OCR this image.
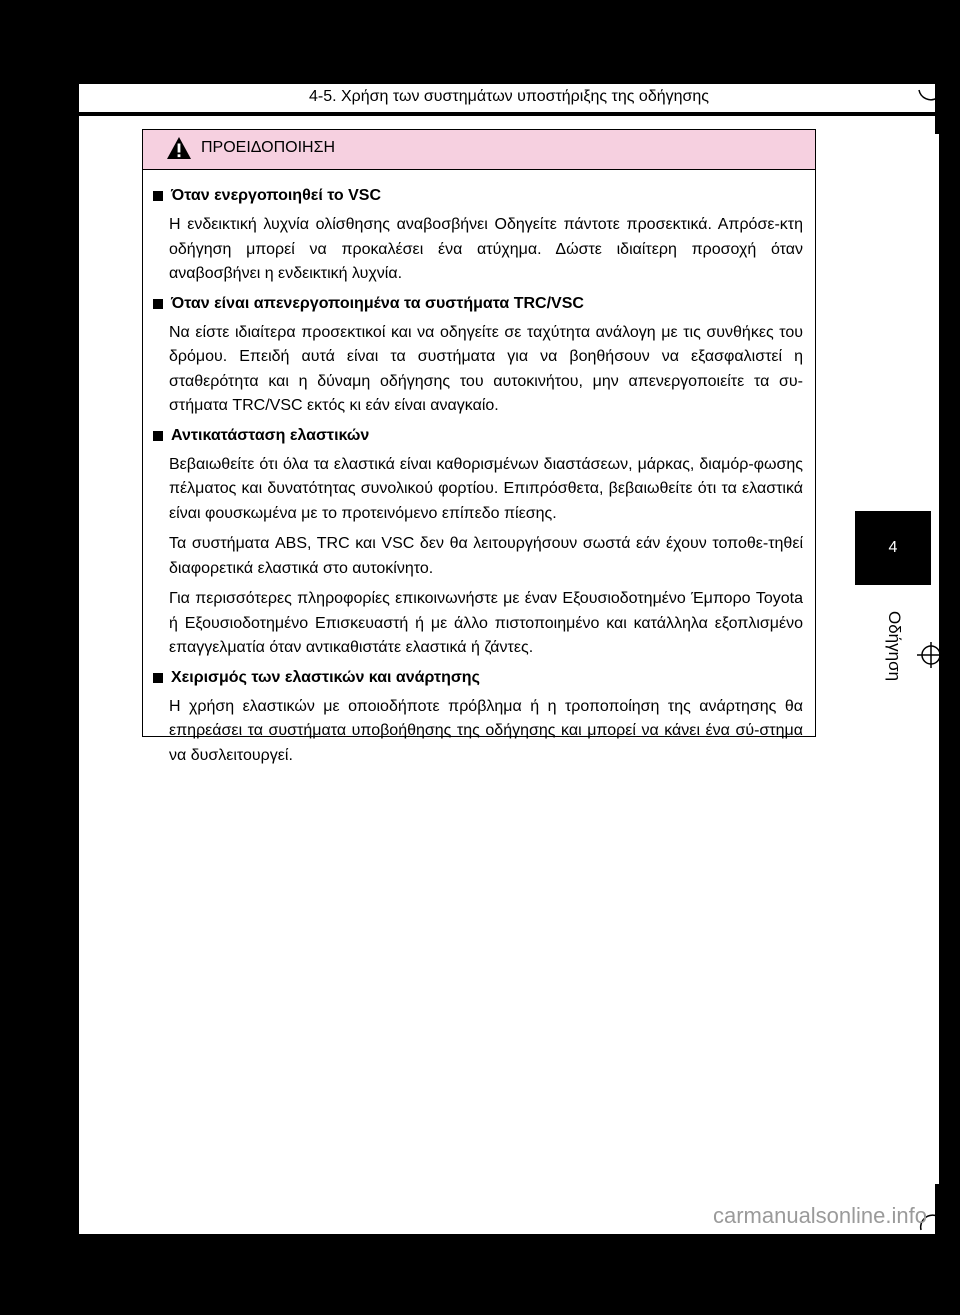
4-5. Χρήση των συστημάτων υποστήριξης της οδήγησης
4
Οδήγηση
ΠΡΟΕΙΔΟΠΟΙΗΣΗ
Όταν ενεργοποιηθεί το VSC

Η ενδεικτική λυχνία ολίσθησης αναβοσβήνει Οδηγείτε πάντοτε προσεκτικά. Απρόσε-κτη οδήγηση μπορεί να προκαλέσει ένα ατύχημα. Δώστε ιδιαίτερη προσοχή όταν αναβοσβήνει η ενδεικτική λυχνία.

Όταν είναι απενεργοποιημένα τα συστήματα TRC/VSC

Να είστε ιδιαίτερα προσεκτικοί και να οδηγείτε σε ταχύτητα ανάλογη με τις συνθήκες του δρόμου. Επειδή αυτά είναι τα συστήματα για να βοηθήσουν να εξασφαλιστεί η σταθερότητα και η δύναμη οδήγησης του αυτοκινήτου, μην απενεργοποιείτε τα συ-στήματα TRC/VSC εκτός κι εάν είναι αναγκαίο.

Αντικατάσταση ελαστικών

Βεβαιωθείτε ότι όλα τα ελαστικά είναι καθορισμένων διαστάσεων, μάρκας, διαμόρ-φωσης πέλματος και δυνατότητας συνολικού φορτίου. Επιπρόσθετα, βεβαιωθείτε ότι τα ελαστικά είναι φουσκωμένα με το προτεινόμενο επίπεδο πίεσης.

Τα συστήματα ABS, TRC και VSC δεν θα λειτουργήσουν σωστά εάν έχουν τοποθε-τηθεί διαφορετικά ελαστικά στο αυτοκίνητο.

Για περισσότερες πληροφορίες επικοινωνήστε με έναν Εξουσιοδοτημένο Έμπορο Toyota ή Εξουσιοδοτημένο Επισκευαστή ή με άλλο πιστοποιημένο και κατάλληλα εξοπλισμένο επαγγελματία όταν αντικαθιστάτε ελαστικά ή ζάντες.

Χειρισμός των ελαστικών και ανάρτησης

Η χρήση ελαστικών με οποιοδήποτε πρόβλημα ή η τροποποίηση της ανάρτησης θα επηρεάσει τα συστήματα υποβοήθησης της οδήγησης και μπορεί να κάνει ένα σύ-στημα να δυσλειτουργεί.

carmanualsonline.info
